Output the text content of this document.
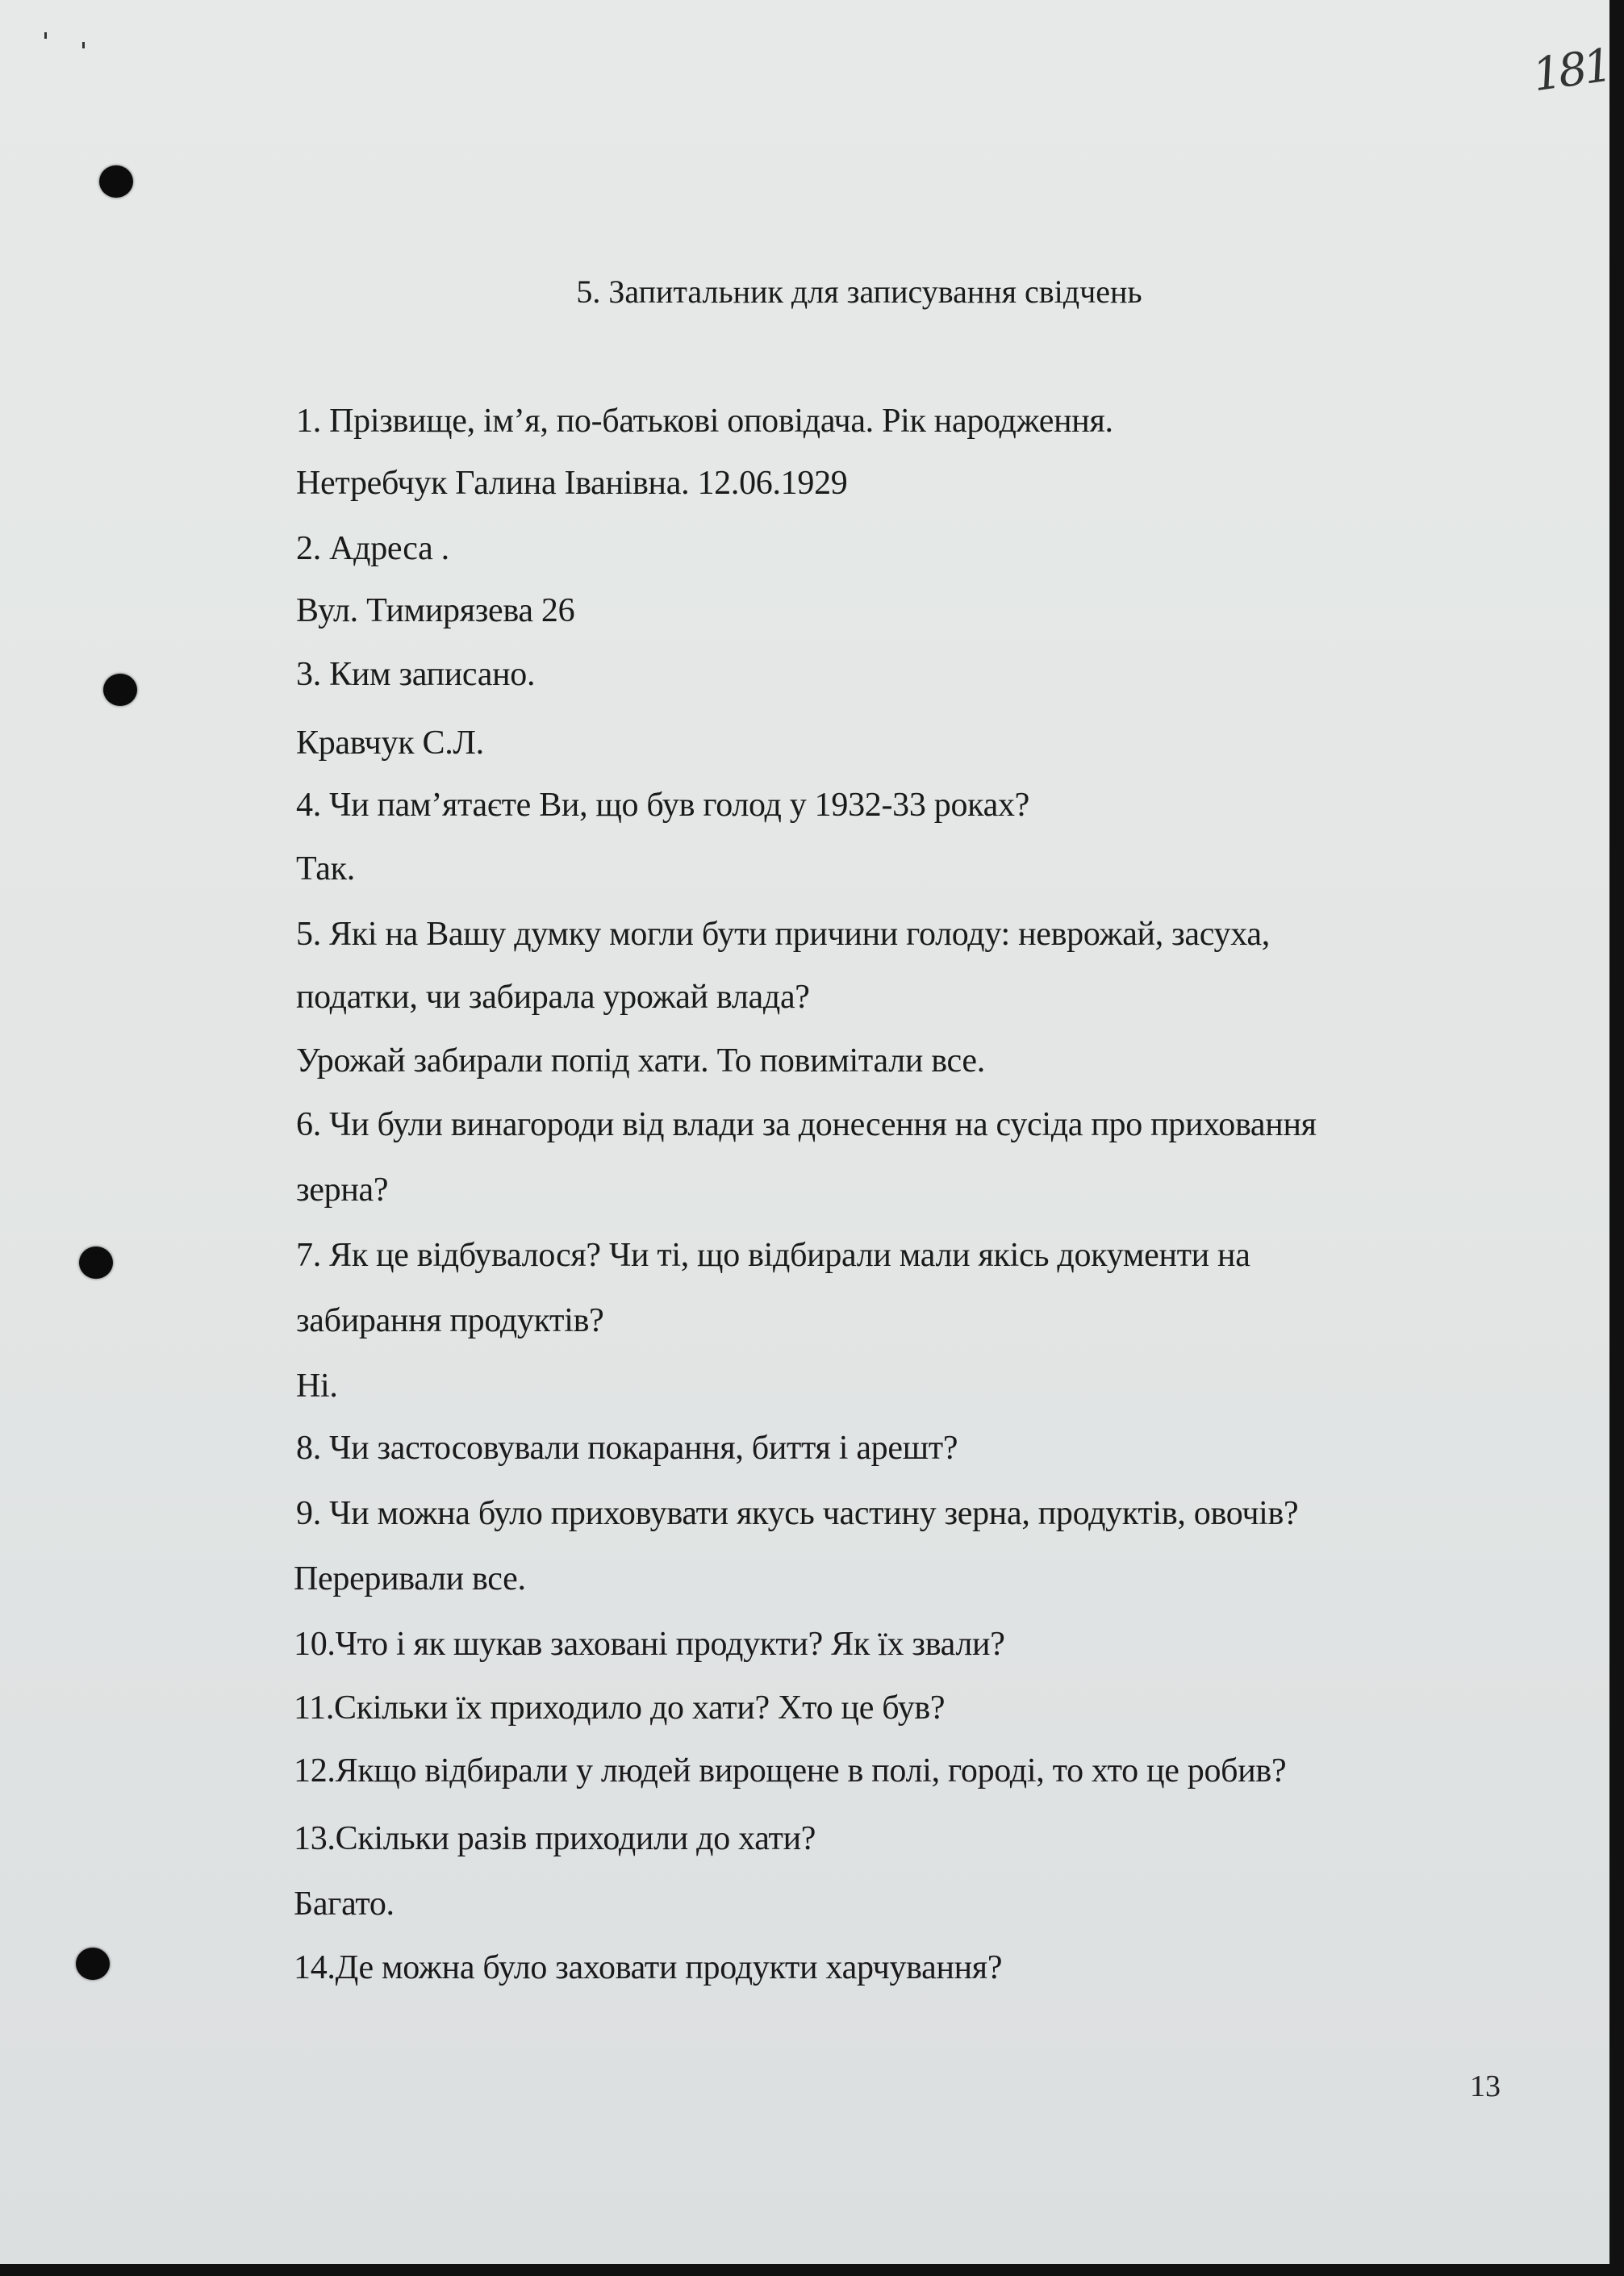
181
5. Запитальник для записування свідчень
1. Прізвище, ім’я, по-батькові оповідача. Рік народження.
Нетребчук Галина Іванівна. 12.06.1929
2. Адреса .
Вул. Тимирязева 26
3. Ким записано.
Кравчук С.Л.
4. Чи пам’ятаєте Ви, що був голод у 1932-33 роках?
Так.
5. Які на Вашу думку могли бути причини голоду: неврожай, засуха,
податки, чи забирала урожай влада?
Урожай забирали попід хати. То повимітали все.
6. Чи були винагороди від влади за донесення на сусіда про приховання
зерна?
7. Як це відбувалося? Чи ті, що відбирали мали якісь документи на
забирання продуктів?
Ні.
8. Чи застосовували покарання, биття і арешт?
9. Чи можна було приховувати якусь частину зерна, продуктів, овочів?
Переривали все.
10.Что і як шукав заховані продукти? Як їх звали?
11.Скільки їх приходило до хати? Хто це був?
12.Якщо відбирали у людей вирощене в полі, городі, то хто це робив?
13.Скільки разів приходили до хати?
Багато.
14.Де можна було заховати продукти харчування?
13
